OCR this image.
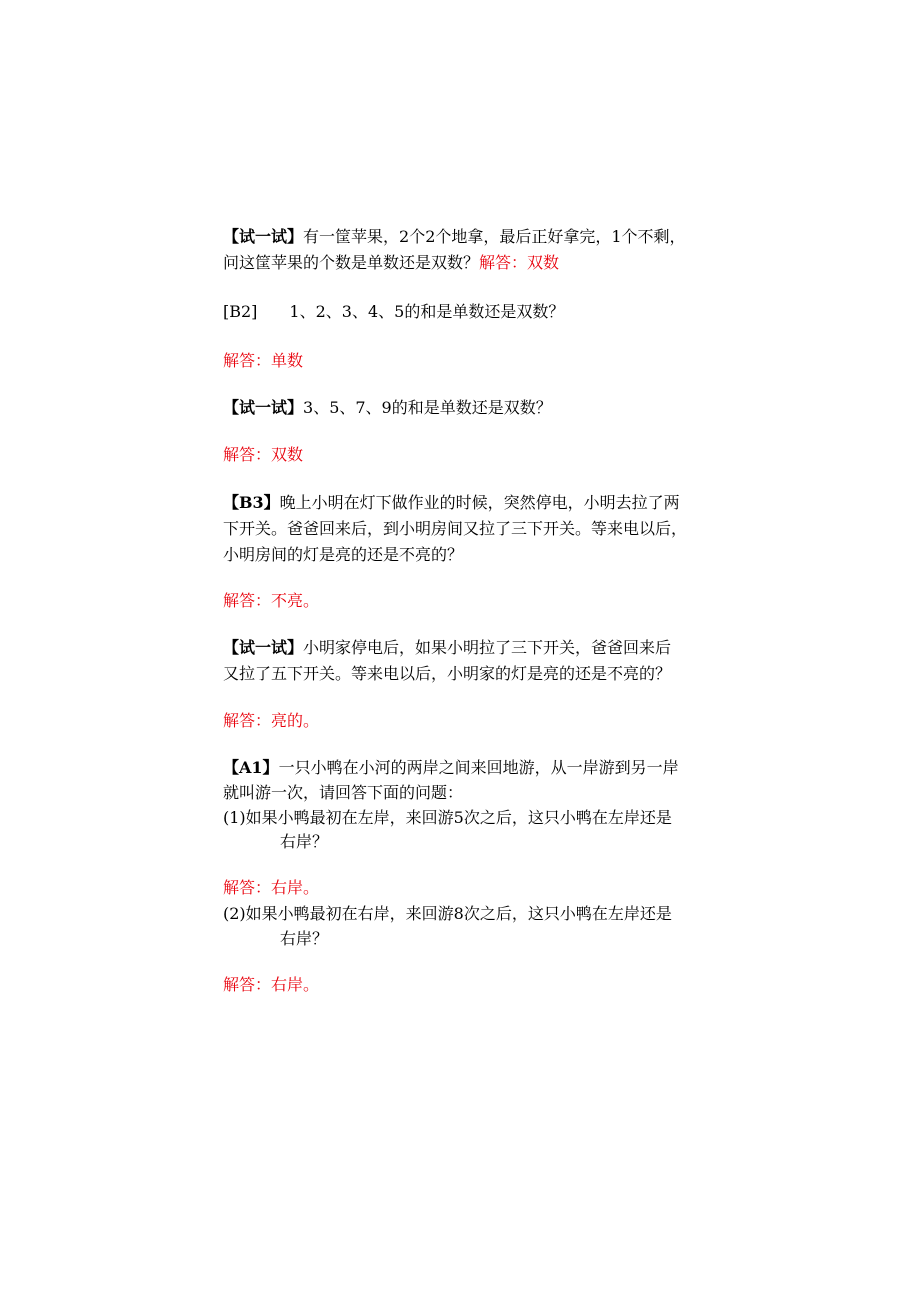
【试一试】有一筐苹果，2个2个地拿，最后正好拿完，1个不剩，
问这筐苹果的个数是单数还是双数？解答：双数
[B2] 1、2、3、4、5的和是单数还是双数？
解答：单数
【试一试】3、5、7、9的和是单数还是双数？
解答：双数
【B3】晚上小明在灯下做作业的时候，突然停电，小明去拉了两
下开关。爸爸回来后，到小明房间又拉了三下开关。等来电以后，
小明房间的灯是亮的还是不亮的？
解答：不亮。
【试一试】小明家停电后，如果小明拉了三下开关，爸爸回来后
又拉了五下开关。等来电以后，小明家的灯是亮的还是不亮的？
解答：亮的。
【A1】一只小鸭在小河的两岸之间来回地游，从一岸游到另一岸
就叫游一次，请回答下面的问题：
(1)如果小鸭最初在左岸，来回游5次之后，这只小鸭在左岸还是
右岸？
解答：右岸。
(2)如果小鸭最初在右岸，来回游8次之后，这只小鸭在左岸还是
右岸？
解答：右岸。
